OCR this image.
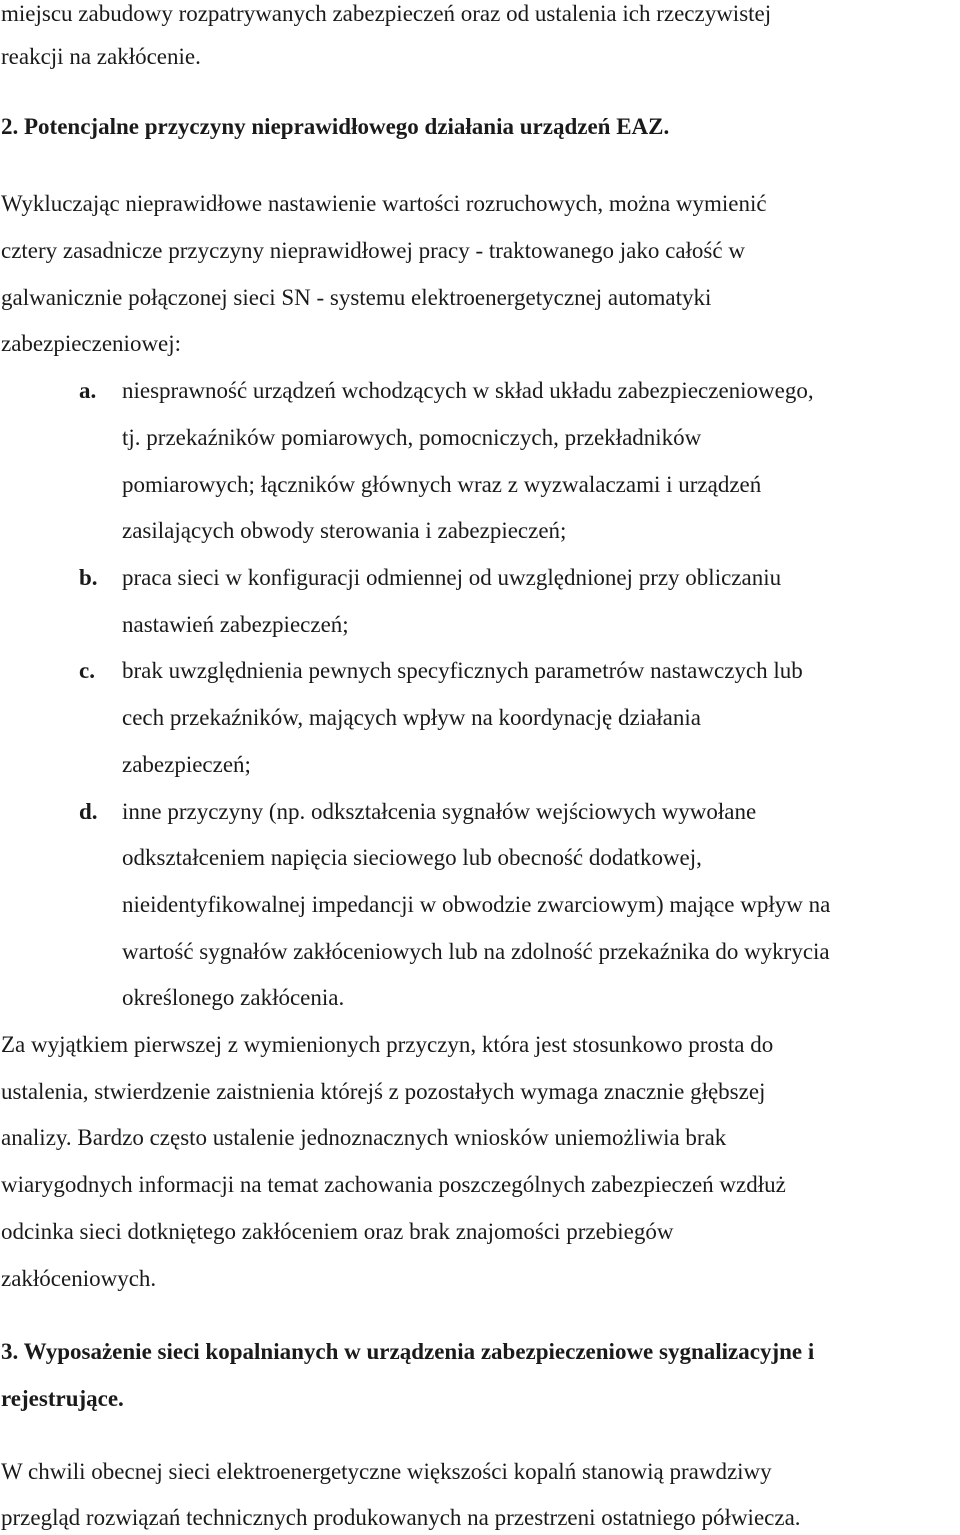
miejscu zabudowy rozpatrywanych zabezpieczeń oraz od ustalenia ich rzeczywistej
reakcji na zakłócenie.
2. Potencjalne przyczyny nieprawidłowego działania urządzeń EAZ.
Wykluczając nieprawidłowe nastawienie wartości rozruchowych, można wymienić
cztery zasadnicze przyczyny nieprawidłowej pracy - traktowanego jako całość w
galwanicznie połączonej sieci SN - systemu elektroenergetycznej automatyki
zabezpieczeniowej:
a. niesprawność urządzeń wchodzących w skład układu zabezpieczeniowego,
tj. przekaźników pomiarowych, pomocniczych, przekładników
pomiarowych; łączników głównych wraz z wyzwalaczami i urządzeń
zasilających obwody sterowania i zabezpieczeń;
b. praca sieci w konfiguracji odmiennej od uwzględnionej przy obliczaniu
nastawień zabezpieczeń;
c. brak uwzględnienia pewnych specyficznych parametrów nastawczych lub
cech przekaźników, mających wpływ na koordynację działania
zabezpieczeń;
d. inne przyczyny (np. odkształcenia sygnałów wejściowych wywołane
odkształceniem napięcia sieciowego lub obecność dodatkowej,
nieidentyfikowalnej impedancji w obwodzie zwarciowym) mające wpływ na
wartość sygnałów zakłóceniowych lub na zdolność przekaźnika do wykrycia
określonego zakłócenia.
Za wyjątkiem pierwszej z wymienionych przyczyn, która jest stosunkowo prosta do
ustalenia, stwierdzenie zaistnienia którejś z pozostałych wymaga znacznie głębszej
analizy. Bardzo często ustalenie jednoznacznych wniosków uniemożliwia brak
wiarygodnych informacji na temat zachowania poszczególnych zabezpieczeń wzdłuż
odcinka sieci dotkniętego zakłóceniem oraz brak znajomości przebiegów
zakłóceniowych.
3. Wyposażenie sieci kopalnianych w urządzenia zabezpieczeniowe sygnalizacyjne i
rejestrujące.
W chwili obecnej sieci elektroenergetyczne większości kopalń stanowią prawdziwy
przegląd rozwiązań technicznych produkowanych na przestrzeni ostatniego półwiecza.
